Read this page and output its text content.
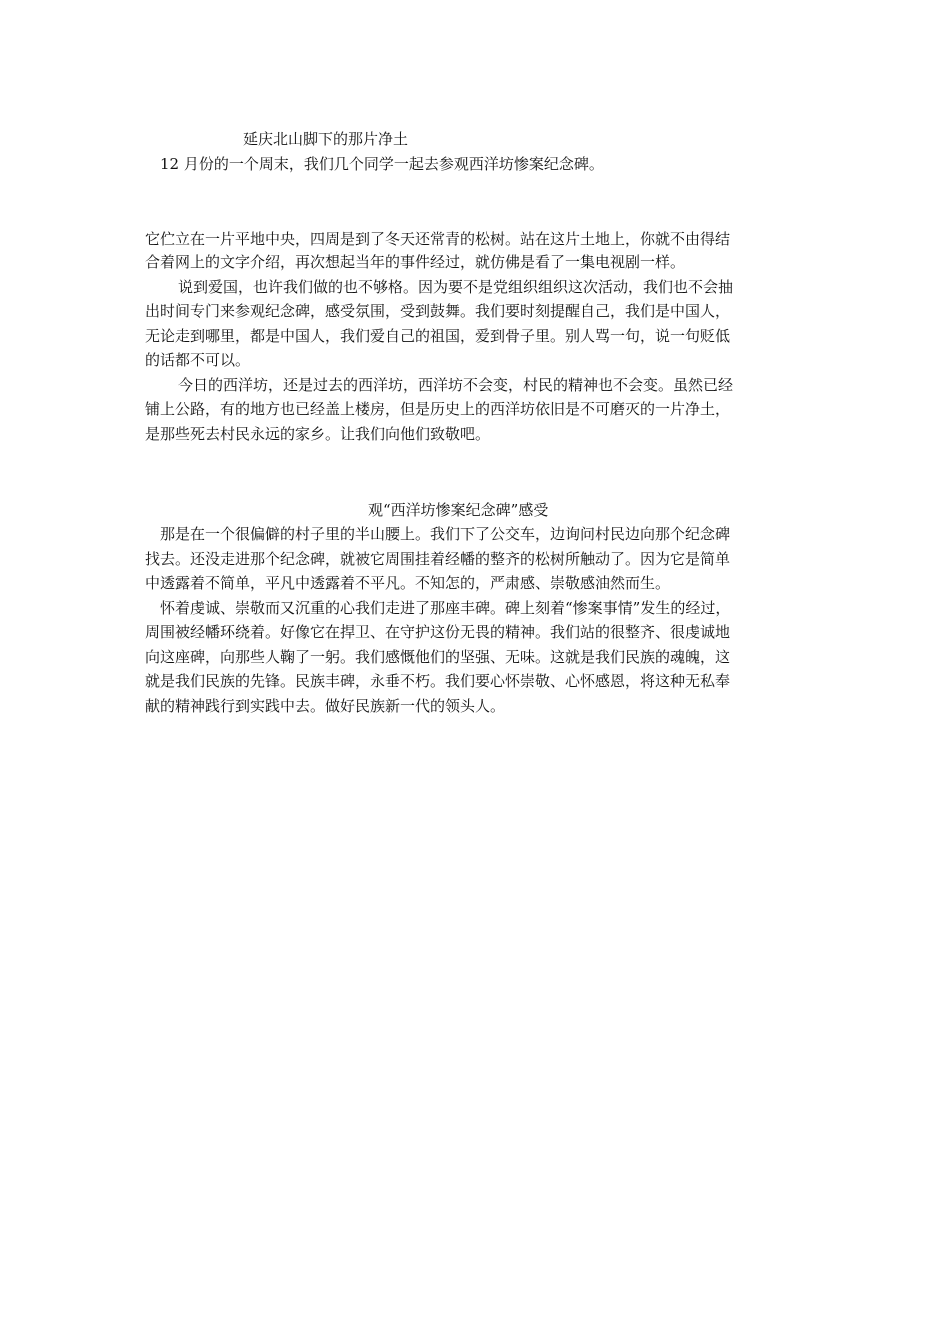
延庆北山脚下的那片净土
12 月份的一个周末，我们几个同学一起去参观西洋坊惨案纪念碑。
它伫立在一片平地中央，四周是到了冬天还常青的松树。站在这片土地上，你就不由得结
合着网上的文字介绍，再次想起当年的事件经过，就仿佛是看了一集电视剧一样。
说到爱国，也许我们做的也不够格。因为要不是党组织组织这次活动，我们也不会抽
出时间专门来参观纪念碑，感受氛围，受到鼓舞。我们要时刻提醒自己，我们是中国人，
无论走到哪里，都是中国人，我们爱自己的祖国，爱到骨子里。别人骂一句，说一句贬低
的话都不可以。
今日的西洋坊，还是过去的西洋坊，西洋坊不会变，村民的精神也不会变。虽然已经
铺上公路，有的地方也已经盖上楼房，但是历史上的西洋坊依旧是不可磨灭的一片净土，
是那些死去村民永远的家乡。让我们向他们致敬吧。
观“西洋坊惨案纪念碑”感受
那是在一个很偏僻的村子里的半山腰上。我们下了公交车，边询问村民边向那个纪念碑
找去。还没走进那个纪念碑，就被它周围挂着经幡的整齐的松树所触动了。因为它是简单
中透露着不简单，平凡中透露着不平凡。不知怎的，严肃感、崇敬感油然而生。
怀着虔诚、崇敬而又沉重的心我们走进了那座丰碑。碑上刻着“惨案事情”发生的经过，
周围被经幡环绕着。好像它在捍卫、在守护这份无畏的精神。我们站的很整齐、很虔诚地
向这座碑，向那些人鞠了一躬。我们感慨他们的坚强、无味。这就是我们民族的魂魄，这
就是我们民族的先锋。民族丰碑，永垂不朽。我们要心怀崇敬、心怀感恩，将这种无私奉
献的精神践行到实践中去。做好民族新一代的领头人。
